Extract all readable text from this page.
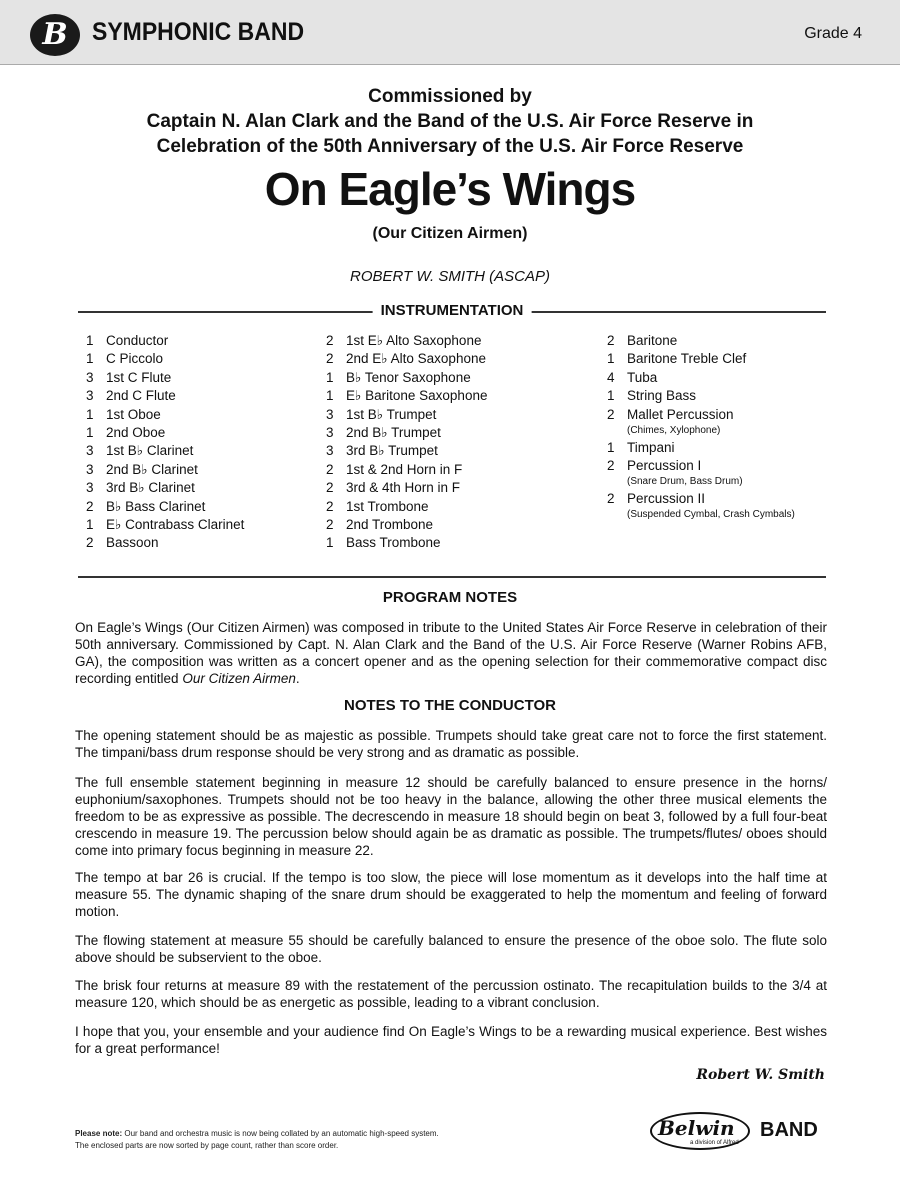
B SYMPHONIC BAND	Grade 4
Commissioned by
Captain N. Alan Clark and the Band of the U.S. Air Force Reserve in
Celebration of the 50th Anniversary of the U.S. Air Force Reserve
On Eagle’s Wings
(Our Citizen Airmen)
ROBERT W. SMITH (ASCAP)
INSTRUMENTATION
1 Conductor
1 C Piccolo
3 1st C Flute
3 2nd C Flute
1 1st Oboe
1 2nd Oboe
3 1st B♭ Clarinet
3 2nd B♭ Clarinet
3 3rd B♭ Clarinet
2 B♭ Bass Clarinet
1 E♭ Contrabass Clarinet
2 Bassoon
2 1st E♭ Alto Saxophone
2 2nd E♭ Alto Saxophone
1 B♭ Tenor Saxophone
1 E♭ Baritone Saxophone
3 1st B♭ Trumpet
3 2nd B♭ Trumpet
3 3rd B♭ Trumpet
2 1st & 2nd Horn in F
2 3rd & 4th Horn in F
2 1st Trombone
2 2nd Trombone
1 Bass Trombone
2 Baritone
1 Baritone Treble Clef
4 Tuba
1 String Bass
2 Mallet Percussion
(Chimes, Xylophone)
1 Timpani
2 Percussion I
(Snare Drum, Bass Drum)
2 Percussion II
(Suspended Cymbal, Crash Cymbals)
PROGRAM NOTES
On Eagle’s Wings (Our Citizen Airmen) was composed in tribute to the United States Air Force Reserve in celebration of their 50th anniversary. Commissioned by Capt. N. Alan Clark and the Band of the U.S. Air Force Reserve (Warner Robins AFB, GA), the composition was written as a concert opener and as the opening selection for their commemorative compact disc recording entitled Our Citizen Airmen.
NOTES TO THE CONDUCTOR
The opening statement should be as majestic as possible. Trumpets should take great care not to force the first statement. The timpani/bass drum response should be very strong and as dramatic as possible.
The full ensemble statement beginning in measure 12 should be carefully balanced to ensure presence in the horns/ euphonium/saxophones. Trumpets should not be too heavy in the balance, allowing the other three musical elements the freedom to be as expressive as possible. The decrescendo in measure 18 should begin on beat 3, followed by a full four-beat crescendo in measure 19. The percussion below should again be as dramatic as possible. The trumpets/flutes/ oboes should come into primary focus beginning in measure 22.
The tempo at bar 26 is crucial. If the tempo is too slow, the piece will lose momentum as it develops into the half time at measure 55. The dynamic shaping of the snare drum should be exaggerated to help the momentum and feeling of forward motion.
The flowing statement at measure 55 should be carefully balanced to ensure the presence of the oboe solo. The flute solo above should be subservient to the oboe.
The brisk four returns at measure 89 with the restatement of the percussion ostinato. The recapitulation builds to the 3/4 at measure 120, which should be as energetic as possible, leading to a vibrant conclusion.
I hope that you, your ensemble and your audience find On Eagle’s Wings to be a rewarding musical experience. Best wishes for a great performance!
Robert W. Smith
Please note: Our band and orchestra music is now being collated by an automatic high-speed system.
The enclosed parts are now sorted by page count, rather than score order.
Belwin BAND
a division of Alfred
